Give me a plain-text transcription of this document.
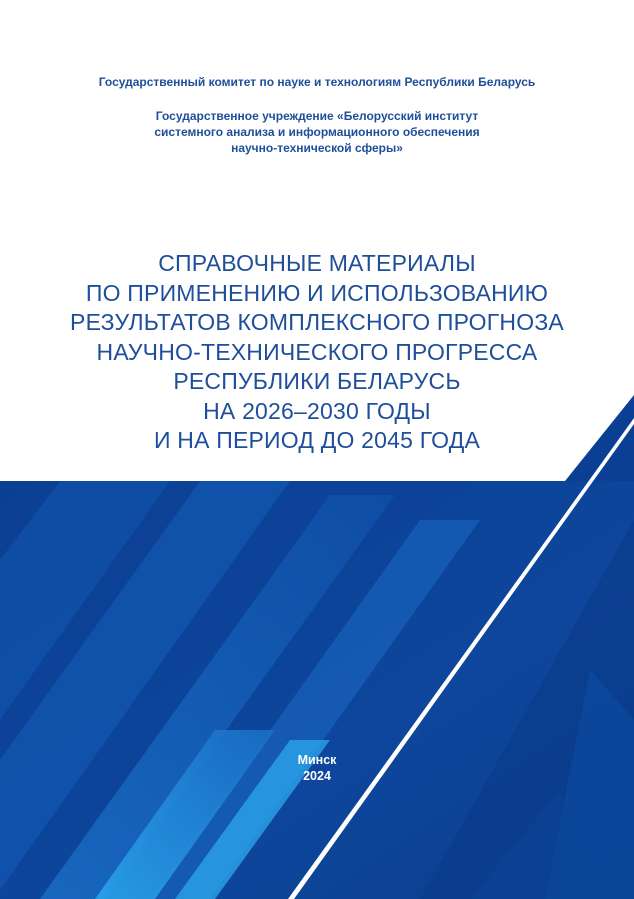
Государственный комитет по науке и технологиям Республики Беларусь
Государственное учреждение «Белорусский институт
системного анализа и информационного обеспечения
научно-технической сферы»
СПРАВОЧНЫЕ МАТЕРИАЛЫ
ПО ПРИМЕНЕНИЮ И ИСПОЛЬЗОВАНИЮ
РЕЗУЛЬТАТОВ КОМПЛЕКСНОГО ПРОГНОЗА
НАУЧНО-ТЕХНИЧЕСКОГО ПРОГРЕССА
РЕСПУБЛИКИ БЕЛАРУСЬ
НА 2026–2030 ГОДЫ
И НА ПЕРИОД ДО 2045 ГОДА
Минск
2024
